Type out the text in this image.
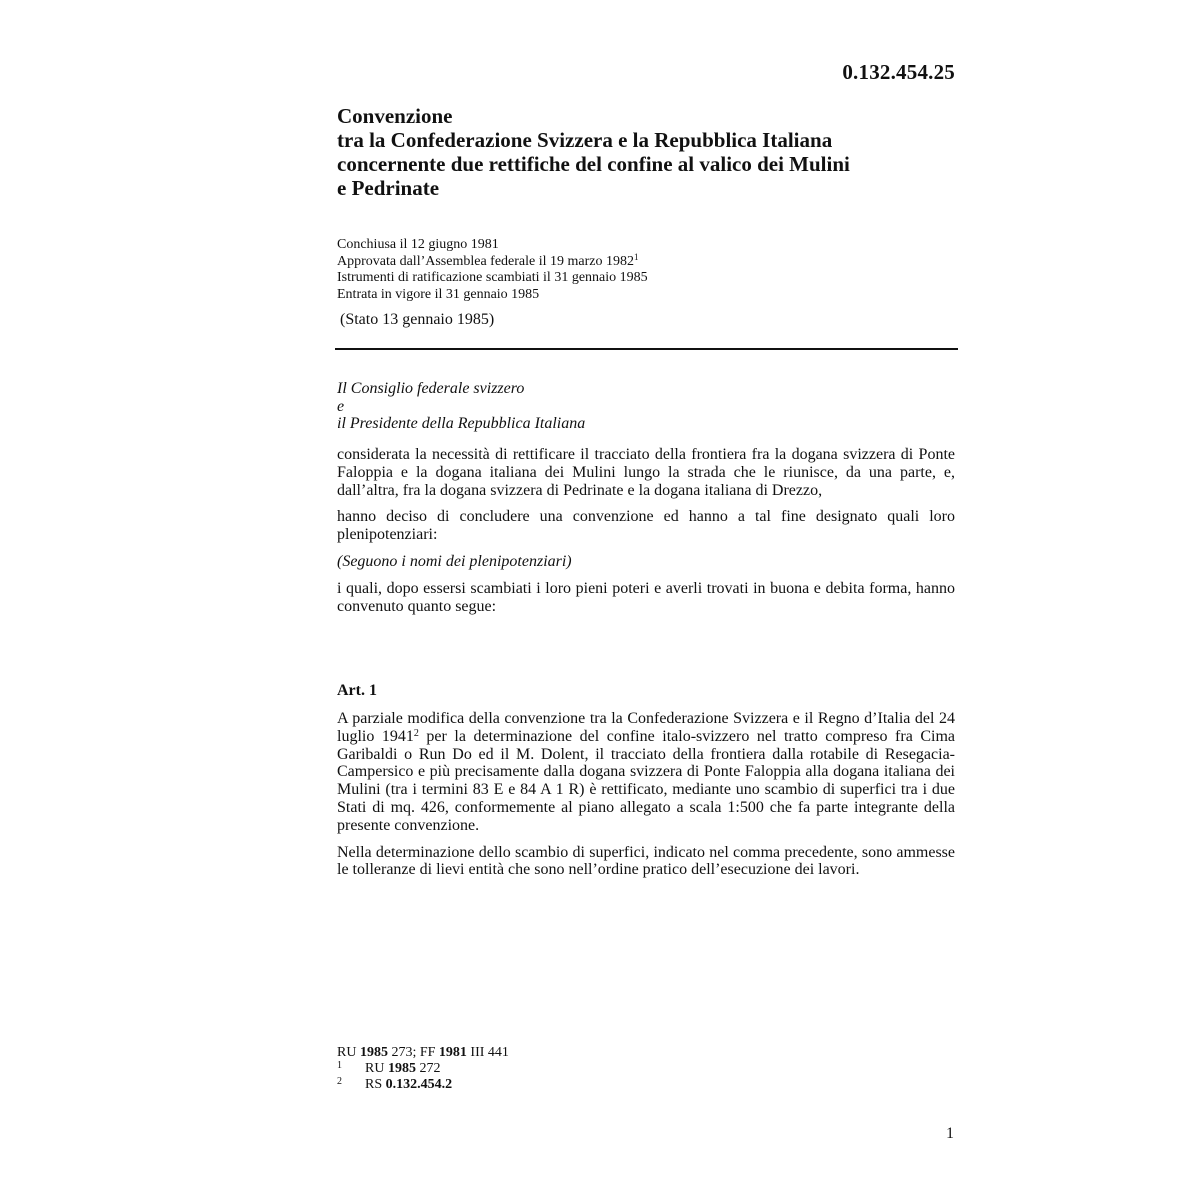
0.132.454.25
Convenzione
tra la Confederazione Svizzera e la Repubblica Italiana
concernente due rettifiche del confine al valico dei Mulini
e Pedrinate
Conchiusa il 12 giugno 1981
Approvata dall’Assemblea federale il 19 marzo 1982$^1$
Istrumenti di ratificazione scambiati il 31 gennaio 1985
Entrata in vigore il 31 gennaio 1985
(Stato 13 gennaio 1985)
Il Consiglio federale svizzero
e
il Presidente della Repubblica Italiana

considerata la necessità di rettificare il tracciato della frontiera fra la dogana svizzera di Ponte Faloppia e la dogana italiana dei Mulini lungo la strada che le riunisce, da una parte, e, dall’altra, fra la dogana svizzera di Pedrinate e la dogana italiana di Drezzo,

hanno deciso di concludere una convenzione ed hanno a tal fine designato quali loro plenipotenziari:

(Seguono i nomi dei plenipotenziari)

i quali, dopo essersi scambiati i loro pieni poteri e averli trovati in buona e debita forma, hanno convenuto quanto segue:

Art. 1

A parziale modifica della convenzione tra la Confederazione Svizzera e il Regno d’Italia del 24 luglio 1941$^2$ per la determinazione del confine italo-svizzero nel tratto compreso fra Cima Garibaldi o Run Do ed il M. Dolent, il tracciato della frontiera dalla rotabile di Resegacia-Campersico e più precisamente dalla dogana svizzera di Ponte Faloppia alla dogana italiana dei Mulini (tra i termini 83 E e 84 A 1 R) è rettificato, mediante uno scambio di superfici tra i due Stati di mq. 426, conformemente al piano allegato a scala 1:500 che fa parte integrante della presente convenzione.

Nella determinazione dello scambio di superfici, indicato nel comma precedente, sono ammesse le tolleranze di lievi entità che sono nell’ordine pratico dell’esecuzione dei lavori.

RU 1985 273; FF 1981 III 441
1	RU 1985 272
2	RS 0.132.454.2
1
